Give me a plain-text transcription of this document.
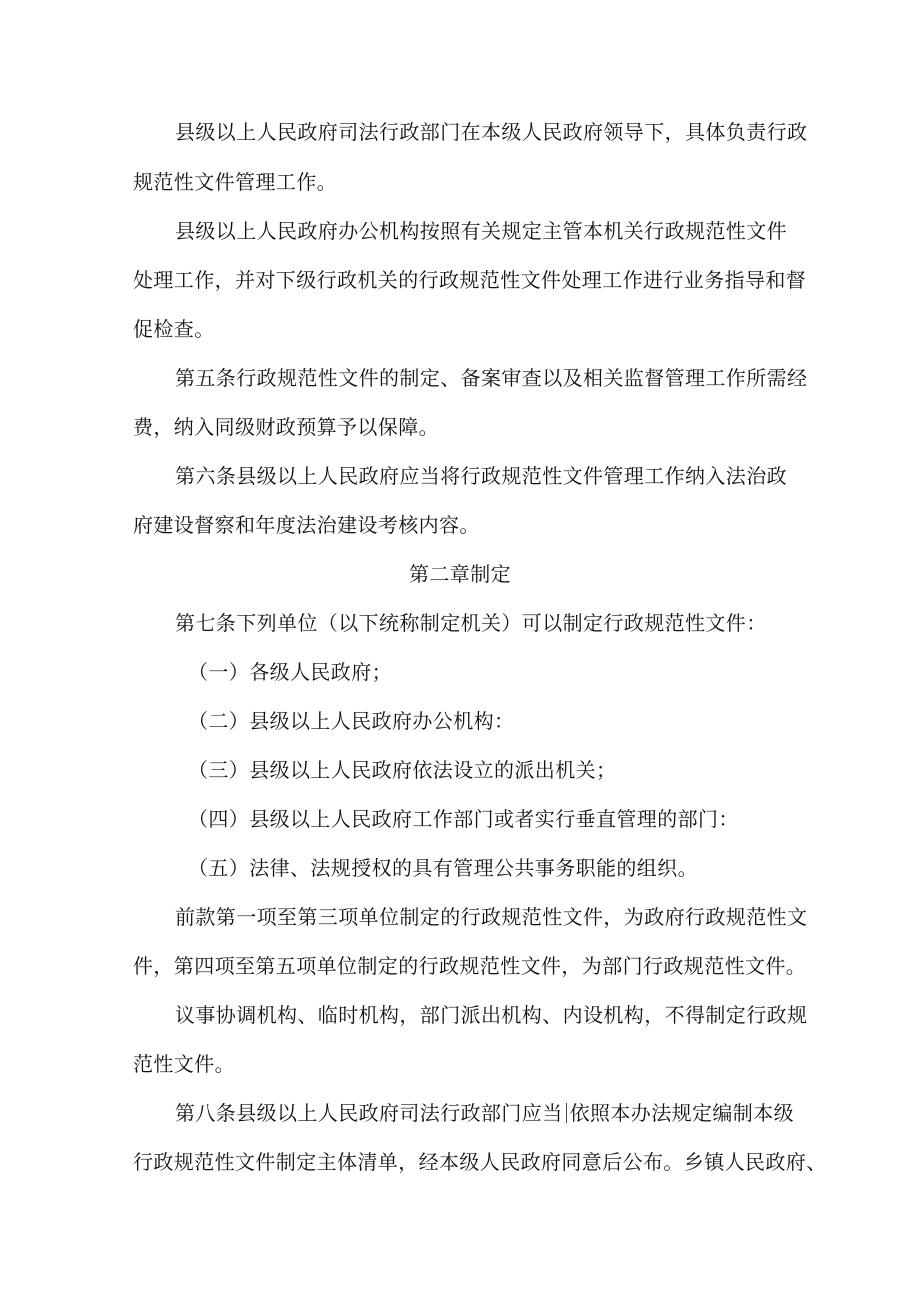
县级以上人民政府司法行政部门在本级人民政府领导下，具体负责行政
规范性文件管理工作。
县级以上人民政府办公机构按照有关规定主管本机关行政规范性文件
处理工作，并对下级行政机关的行政规范性文件处理工作进行业务指导和督
促检查。
第五条行政规范性文件的制定、备案审查以及相关监督管理工作所需经
费，纳入同级财政预算予以保障。
第六条县级以上人民政府应当将行政规范性文件管理工作纳入法治政
府建设督察和年度法治建设考核内容。
第二章制定
第七条下列单位（以下统称制定机关）可以制定行政规范性文件：
（一）各级人民政府；
（二）县级以上人民政府办公机构：
（三）县级以上人民政府依法设立的派出机关；
（四）县级以上人民政府工作部门或者实行垂直管理的部门：
（五）法律、法规授权的具有管理公共事务职能的组织。
前款第一项至第三项单位制定的行政规范性文件，为政府行政规范性文
件，第四项至第五项单位制定的行政规范性文件，为部门行政规范性文件。
议事协调机构、临时机构，部门派出机构、内设机构，不得制定行政规
范性文件。
第八条县级以上人民政府司法行政部门应当 依照本办法规定编制本级
行政规范性文件制定主体清单，经本级人民政府同意后公布。乡镇人民政府、
